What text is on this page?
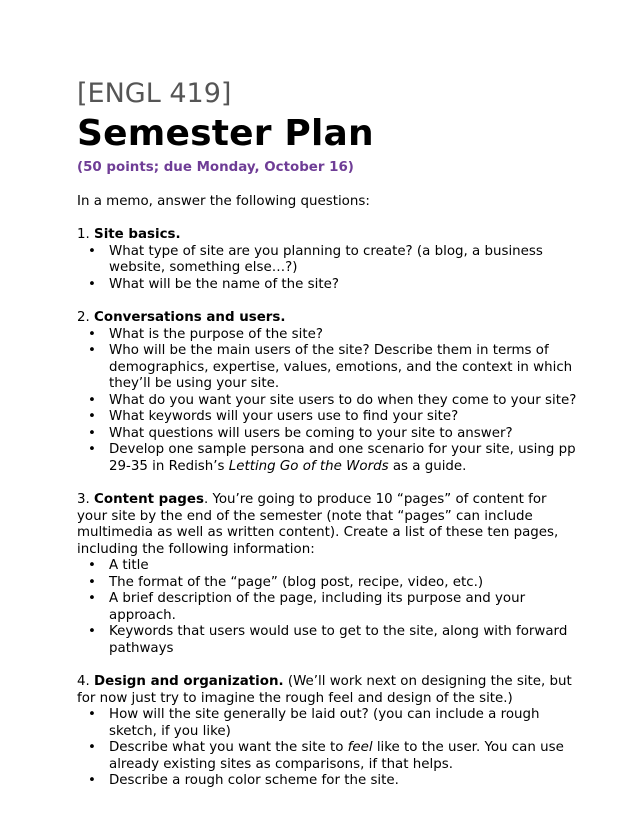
[ENGL 419]

Semester Plan
(50 points; due Monday, October 16)
In a memo, answer the following questions:
1. Site basics.
• What type of site are you planning to create? (a blog, a business website, something else…?)
• What will be the name of the site?
2. Conversations and users.
• What is the purpose of the site?
• Who will be the main users of the site? Describe them in terms of demographics, expertise, values, emotions, and the context in which they’ll be using your site.
• What do you want your site users to do when they come to your site?
• What keywords will your users use to find your site?
• What questions will users be coming to your site to answer?
• Develop one sample persona and one scenario for your site, using pp 29-35 in Redish’s Letting Go of the Words as a guide.
3. Content pages. You’re going to produce 10 “pages” of content for your site by the end of the semester (note that “pages” can include multimedia as well as written content). Create a list of these ten pages, including the following information:
• A title
• The format of the “page” (blog post, recipe, video, etc.)
• A brief description of the page, including its purpose and your approach.
• Keywords that users would use to get to the site, along with forward pathways
4. Design and organization. (We’ll work next on designing the site, but for now just try to imagine the rough feel and design of the site.)
• How will the site generally be laid out? (you can include a rough sketch, if you like)
• Describe what you want the site to feel like to the user. You can use already existing sites as comparisons, if that helps.
• Describe a rough color scheme for the site.
